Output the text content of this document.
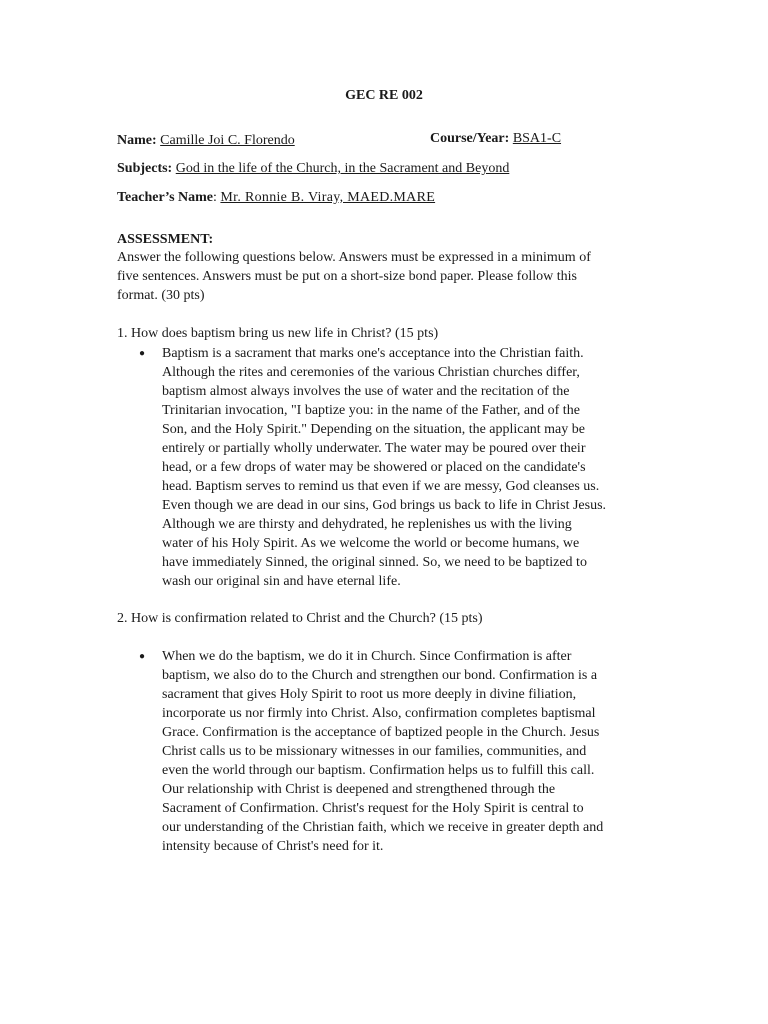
GEC RE 002
Name: Camille Joi C. Florendo	Course/Year: BSA1-C
Subjects: God in the life of the Church, in the Sacrament and Beyond
Teacher’s Name: Mr. Ronnie B. Viray, MAED.MARE
ASSESSMENT:
Answer the following questions below. Answers must be expressed in a minimum of
five sentences. Answers must be put on a short-size bond paper. Please follow this
format. (30 pts)
1. How does baptism bring us new life in Christ? (15 pts)
●	Baptism is a sacrament that marks one's acceptance into the Christian faith.
Although the rites and ceremonies of the various Christian churches differ,
baptism almost always involves the use of water and the recitation of the
Trinitarian invocation, "I baptize you: in the name of the Father, and of the
Son, and the Holy Spirit." Depending on the situation, the applicant may be
entirely or partially wholly underwater. The water may be poured over their
head, or a few drops of water may be showered or placed on the candidate's
head. Baptism serves to remind us that even if we are messy, God cleanses us.
Even though we are dead in our sins, God brings us back to life in Christ Jesus.
Although we are thirsty and dehydrated, he replenishes us with the living
water of his Holy Spirit. As we welcome the world or become humans, we
have immediately Sinned, the original sinned. So, we need to be baptized to
wash our original sin and have eternal life.
2. How is confirmation related to Christ and the Church? (15 pts)
●	When we do the baptism, we do it in Church. Since Confirmation is after
baptism, we also do to the Church and strengthen our bond. Confirmation is a
sacrament that gives Holy Spirit to root us more deeply in divine filiation,
incorporate us nor firmly into Christ. Also, confirmation completes baptismal
Grace. Confirmation is the acceptance of baptized people in the Church. Jesus
Christ calls us to be missionary witnesses in our families, communities, and
even the world through our baptism. Confirmation helps us to fulfill this call.
Our relationship with Christ is deepened and strengthened through the
Sacrament of Confirmation. Christ's request for the Holy Spirit is central to
our understanding of the Christian faith, which we receive in greater depth and
intensity because of Christ's need for it.
